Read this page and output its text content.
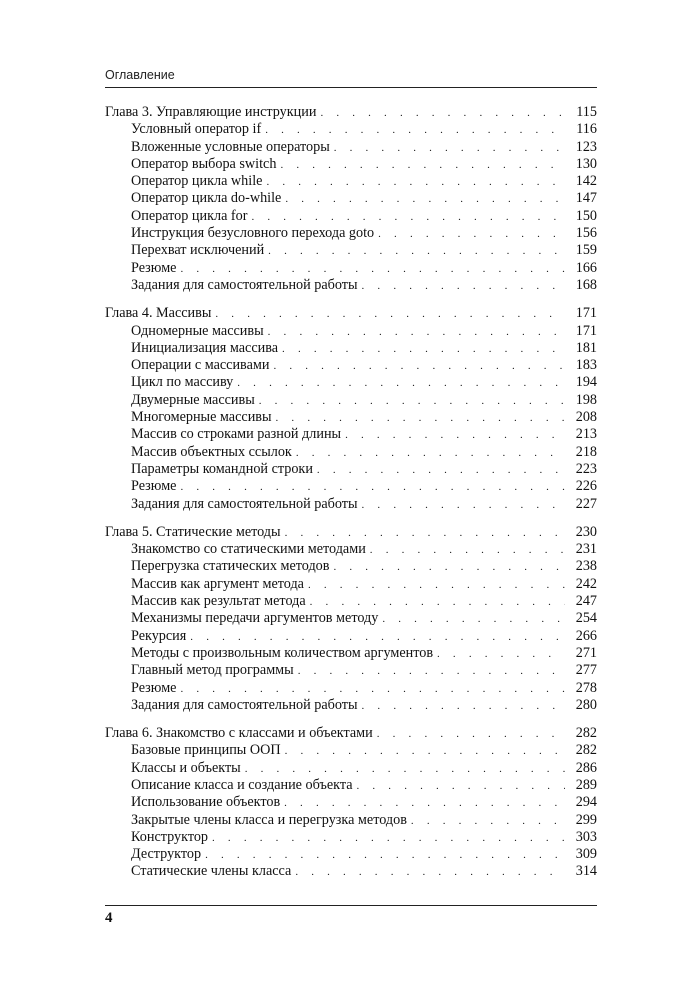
Оглавление
Глава 3. Управляющие инструкции . . .	115
Условный оператор if . . .	116
Вложенные условные операторы . . .	123
Оператор выбора switch . . .	130
Оператор цикла while . . .	142
Оператор цикла do-while . . .	147
Оператор цикла for . . .	150
Инструкция безусловного перехода goto . . .	156
Перехват исключений . . .	159
Резюме . . .	166
Задания для самостоятельной работы . . .	168
Глава 4. Массивы . . .	171
Одномерные массивы . . .	171
Инициализация массива . . .	181
Операции с массивами . . .	183
Цикл по массиву . . .	194
Двумерные массивы . . .	198
Многомерные массивы . . .	208
Массив со строками разной длины . . .	213
Массив объектных ссылок . . .	218
Параметры командной строки . . .	223
Резюме . . .	226
Задания для самостоятельной работы . . .	227
Глава 5. Статические методы . . .	230
Знакомство со статическими методами . . .	231
Перегрузка статических методов . . .	238
Массив как аргумент метода . . .	242
Массив как результат метода . . .	247
Механизмы передачи аргументов методу . . .	254
Рекурсия . . .	266
Методы с произвольным количеством аргументов . . .	271
Главный метод программы . . .	277
Резюме . . .	278
Задания для самостоятельной работы . . .	280
Глава 6. Знакомство с классами и объектами . . .	282
Базовые принципы ООП . . .	282
Классы и объекты . . .	286
Описание класса и создание объекта . . .	289
Использование объектов . . .	294
Закрытые члены класса и перегрузка методов . . .	299
Конструктор . . .	303
Деструктор . . .	309
Статические члены класса . . .	314
4
